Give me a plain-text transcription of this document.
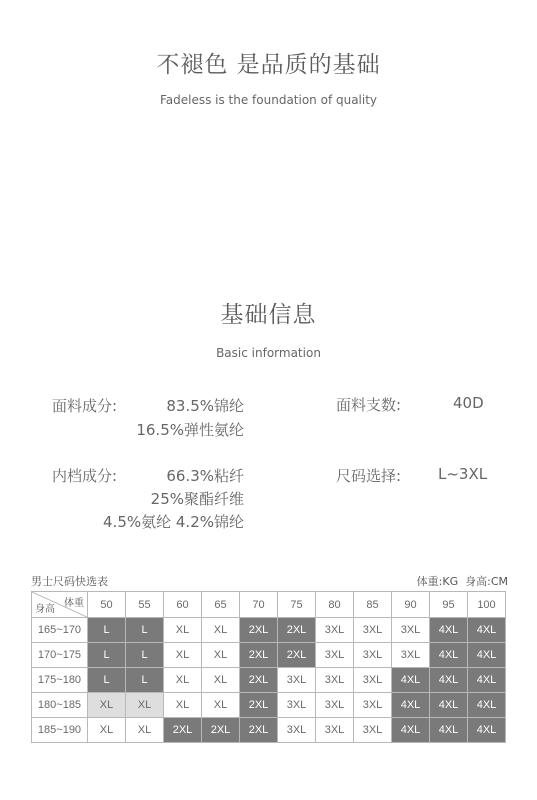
不褪色 是品质的基础
Fadeless is the foundation of quality
基础信息
Basic information
面料成分:	83.5%锦纶
16.5%弹性氨纶
面料支数:	40D
内档成分:	66.3%粘纤
25%聚酯纤维
4.5%氨纶 4.2%锦纶
尺码选择: L~3XL
男士尺码快选表	体重:KG  身高:CM
体重
身高	50	55	60	65	70	75	80	85	90	95	100
165~170	L	L	XL	XL	2XL	2XL	3XL	3XL	3XL	4XL	4XL
170~175	L	L	XL	XL	2XL	2XL	3XL	3XL	3XL	4XL	4XL
175~180	L	L	XL	XL	2XL	3XL	3XL	3XL	4XL	4XL	4XL
180~185	XL	XL	XL	XL	2XL	3XL	3XL	3XL	4XL	4XL	4XL
185~190	XL	XL	2XL	2XL	2XL	3XL	3XL	3XL	4XL	4XL	4XL
